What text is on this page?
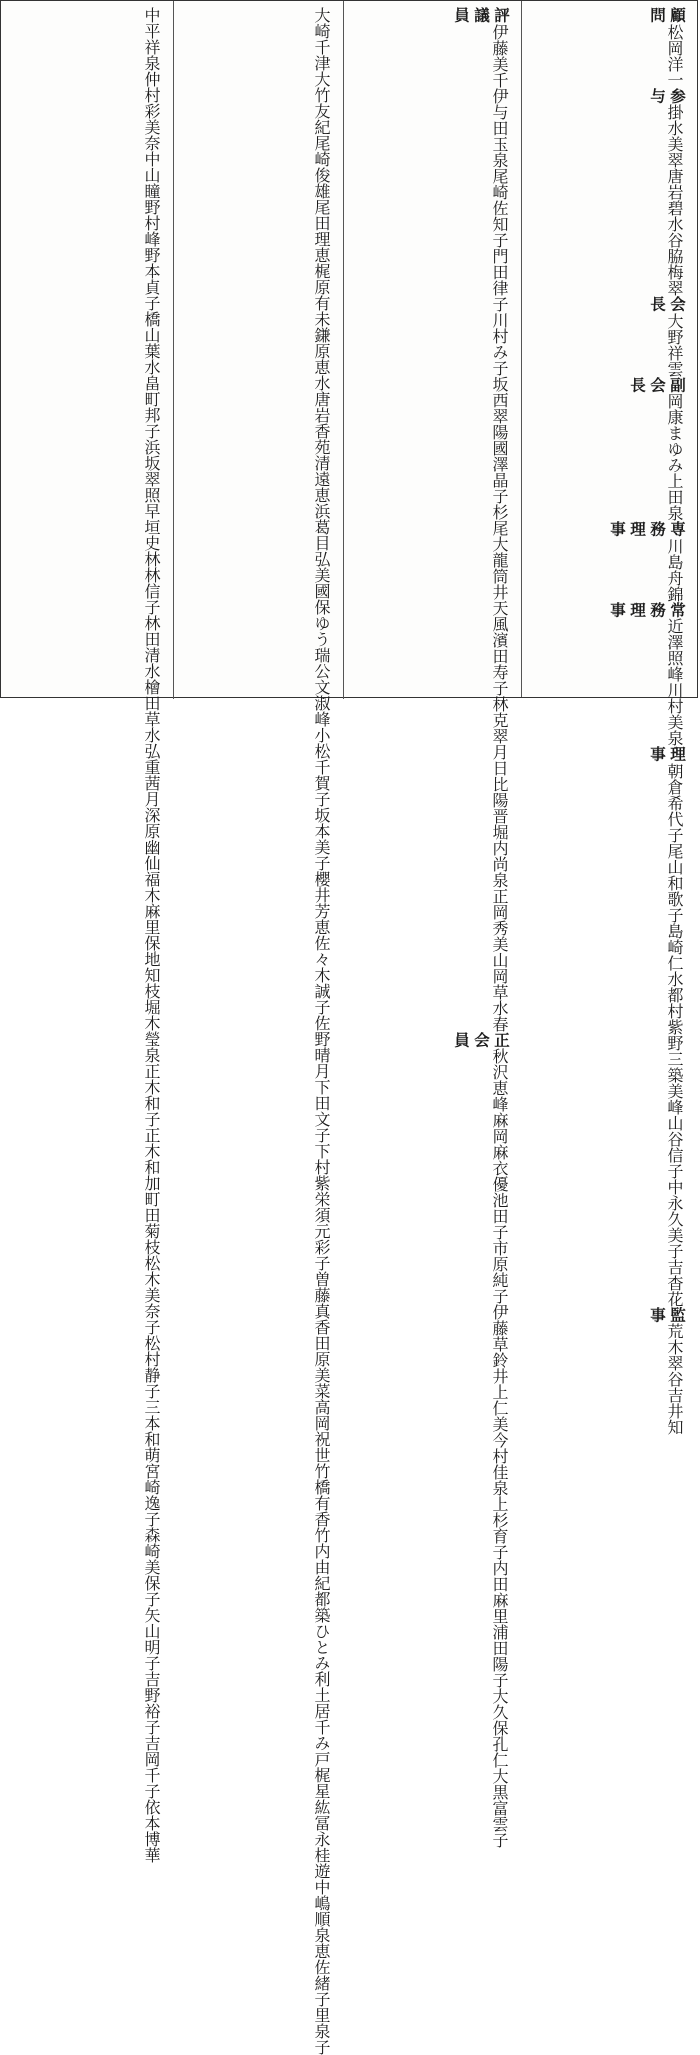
顧問
松岡洋一
参与
掛水美翠
唐岩碧水
谷脇梅翠
会長
大野祥雲
副会長
岡康まゆみ
上田泉
専務理事
川島舟錦
常務理事
近澤照峰
川村美泉
理事
朝倉希代子
尾山和歌子
島崎仁水
都村紫野
三築美峰
山谷信子
中永久美子
吉杳花
監事
荒木翠谷
吉井知
評議員
伊藤美千
伊与田玉泉
尾崎佐知子
門田律子
川村み子
坂西翠陽
國澤晶子
杉尾大龍
筒井天風
濱田寿子
林克翠月
日比陽晋
堀内尚泉
正岡秀美
山岡草水春
正会員
秋沢恵峰
麻岡麻衣優
池田子
市原純子
伊藤草鈴
井上仁美
今村佳泉
上杉育子
内田麻里
浦田陽子
大久保孔仁
大黒富雲子
大崎千津
大竹友紀
尾崎俊雄
尾田理恵
梶原有未
鎌原恵水
唐岩香苑
清遠恵浜
葛目弘美
國保ゆう瑞
公文淑峰
小松千賀子
坂本美子
櫻井芳恵
佐々木誠子
佐野晴月
下田文子
下村紫栄
須元彩子
曽藤真香
田原美菜
高岡祝世
竹橋有香
竹内由紀
都築ひとみ利
土居千み
戸梶星紘
冨永桂遊
中嶋順泉
恵佐緒子
里泉子
中平祥泉
仲村彩美奈
中山瞳
野村峰
野本貞子
橋山葉水
畠町邦子
浜坂翠照
早垣史
林林信子
林田清水
檜田草水
弘重茜月
深原幽仙
福木麻里
保地知枝
堀木瑩泉
正木和子
正木和加
町田菊枝
松木美奈子
松村静子
三本和萌
宮崎逸子
森崎美保子
矢山明子
吉野裕子
吉岡千子
依本博華
